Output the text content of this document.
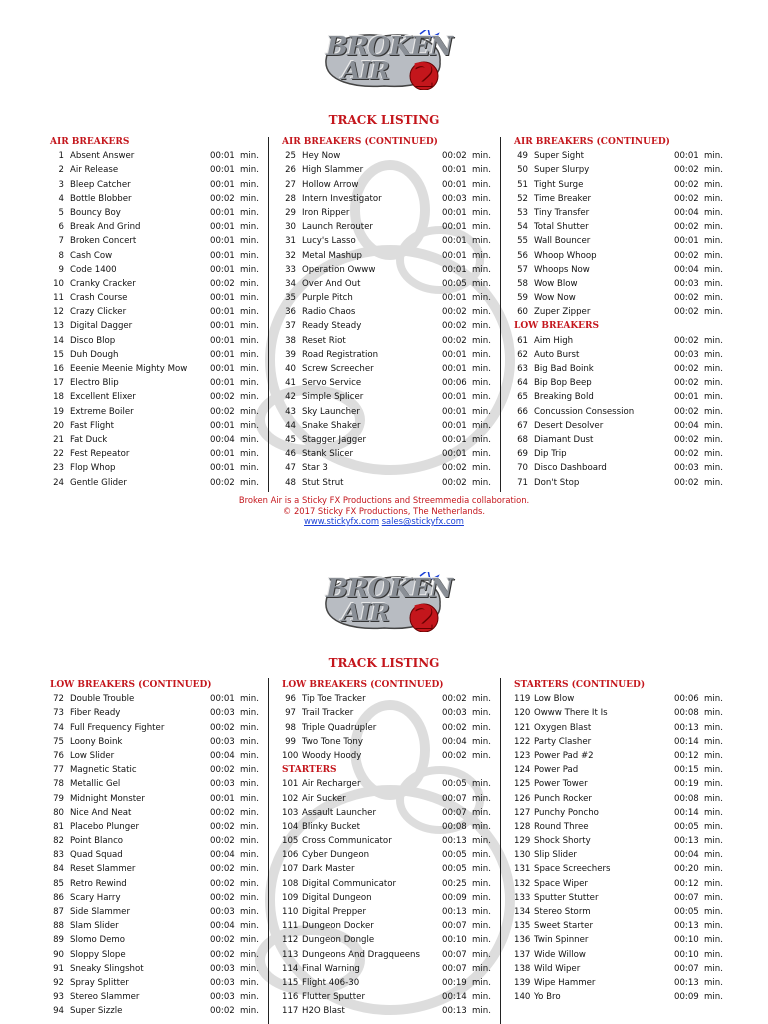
BROKEN
AIR 2
TRACK LISTING
AIR BREAKERS
1 Absent Answer	00:01 min.
2 Air Release	00:01 min.
3 Bleep Catcher	00:01 min.
4 Bottle Blobber	00:02 min.
5 Bouncy Boy	00:01 min.
6 Break And Grind	00:01 min.
7 Broken Concert	00:01 min.
8 Cash Cow	00:01 min.
9 Code 1400	00:01 min.
10 Cranky Cracker	00:02 min.
11 Crash Course	00:01 min.
12 Crazy Clicker	00:01 min.
13 Digital Dagger	00:01 min.
14 Disco Blop	00:01 min.
15 Duh Dough	00:01 min.
16 Eeenie Meenie Mighty Mow	00:01 min.
17 Electro Blip	00:01 min.
18 Excellent Elixer	00:02 min.
19 Extreme Boiler	00:02 min.
20 Fast Flight	00:01 min.
21 Fat Duck	00:04 min.
22 Fest Repeator	00:01 min.
23 Flop Whop	00:01 min.
24 Gentle Glider	00:02 min.
AIR BREAKERS (CONTINUED)
25 Hey Now	00:02 min.
26 High Slammer	00:01 min.
27 Hollow Arrow	00:01 min.
28 Intern Investigator	00:03 min.
29 Iron Ripper	00:01 min.
30 Launch Rerouter	00:01 min.
31 Lucy's Lasso	00:01 min.
32 Metal Mashup	00:01 min.
33 Operation Owww	00:01 min.
34 Over And Out	00:05 min.
35 Purple Pitch	00:01 min.
36 Radio Chaos	00:02 min.
37 Ready Steady	00:02 min.
38 Reset Riot	00:02 min.
39 Road Registration	00:01 min.
40 Screw Screecher	00:01 min.
41 Servo Service	00:06 min.
42 Simple Splicer	00:01 min.
43 Sky Launcher	00:01 min.
44 Snake Shaker	00:01 min.
45 Stagger Jagger	00:01 min.
46 Stank Slicer	00:01 min.
47 Star 3	00:02 min.
48 Stut Strut	00:02 min.
AIR BREAKERS (CONTINUED)
49 Super Sight	00:01 min.
50 Super Slurpy	00:02 min.
51 Tight Surge	00:02 min.
52 Time Breaker	00:02 min.
53 Tiny Transfer	00:04 min.
54 Total Shutter	00:02 min.
55 Wall Bouncer	00:01 min.
56 Whoop Whoop	00:02 min.
57 Whoops Now	00:04 min.
58 Wow Blow	00:03 min.
59 Wow Now	00:02 min.
60 Zuper Zipper	00:02 min.
LOW BREAKERS
61 Aim High	00:02 min.
62 Auto Burst	00:03 min.
63 Big Bad Boink	00:02 min.
64 Bip Bop Beep	00:02 min.
65 Breaking Bold	00:01 min.
66 Concussion Consession	00:02 min.
67 Desert Desolver	00:04 min.
68 Diamant Dust	00:02 min.
69 Dip Trip	00:02 min.
70 Disco Dashboard	00:03 min.
71 Don't Stop	00:02 min.
Broken Air is a Sticky FX Productions and Streemmedia collaboration.
© 2017 Sticky FX Productions, The Netherlands.
www.stickyfx.com sales@stickyfx.com
BROKEN
AIR 2
TRACK LISTING
LOW BREAKERS (CONTINUED)
72 Double Trouble	00:01 min.
73 Fiber Ready	00:03 min.
74 Full Frequency Fighter	00:02 min.
75 Loony Boink	00:03 min.
76 Low Slider	00:04 min.
77 Magnetic Static	00:02 min.
78 Metallic Gel	00:03 min.
79 Midnight Monster	00:01 min.
80 Nice And Neat	00:02 min.
81 Placebo Plunger	00:02 min.
82 Point Blanco	00:02 min.
83 Quad Squad	00:04 min.
84 Reset Slammer	00:02 min.
85 Retro Rewind	00:02 min.
86 Scary Harry	00:02 min.
87 Side Slammer	00:03 min.
88 Slam Slider	00:04 min.
89 Slomo Demo	00:02 min.
90 Sloppy Slope	00:02 min.
91 Sneaky Slingshot	00:03 min.
92 Spray Splitter	00:03 min.
93 Stereo Slammer	00:03 min.
94 Super Sizzle	00:02 min.
LOW BREAKERS (CONTINUED)
96 Tip Toe Tracker	00:02 min.
97 Trail Tracker	00:03 min.
98 Triple Quadrupler	00:02 min.
99 Two Tone Tony	00:04 min.
100 Woody Hoody	00:02 min.
STARTERS
101 Air Recharger	00:05 min.
102 Air Sucker	00:07 min.
103 Assault Launcher	00:07 min.
104 Blinky Bucket	00:08 min.
105 Cross Communicator	00:13 min.
106 Cyber Dungeon	00:05 min.
107 Dark Master	00:05 min.
108 Digital Communicator	00:25 min.
109 Digital Dungeon	00:09 min.
110 Digital Prepper	00:13 min.
111 Dungeon Docker	00:07 min.
112 Dungeon Dongle	00:10 min.
113 Dungeons And Dragqueens	00:07 min.
114 Final Warning	00:07 min.
115 Flight 406-30	00:19 min.
116 Flutter Sputter	00:14 min.
117 H2O Blast	00:13 min.
STARTERS (CONTINUED)
119 Low Blow	00:06 min.
120 Owww There It Is	00:08 min.
121 Oxygen Blast	00:13 min.
122 Party Clasher	00:14 min.
123 Power Pad #2	00:12 min.
124 Power Pad	00:15 min.
125 Power Tower	00:19 min.
126 Punch Rocker	00:08 min.
127 Punchy Poncho	00:14 min.
128 Round Three	00:05 min.
129 Shock Shorty	00:13 min.
130 Slip Slider	00:04 min.
131 Space Screechers	00:20 min.
132 Space Wiper	00:12 min.
133 Sputter Stutter	00:07 min.
134 Stereo Storm	00:05 min.
135 Sweet Starter	00:13 min.
136 Twin Spinner	00:10 min.
137 Wide Willow	00:10 min.
138 Wild Wiper	00:07 min.
139 Wipe Hammer	00:13 min.
140 Yo Bro	00:09 min.
